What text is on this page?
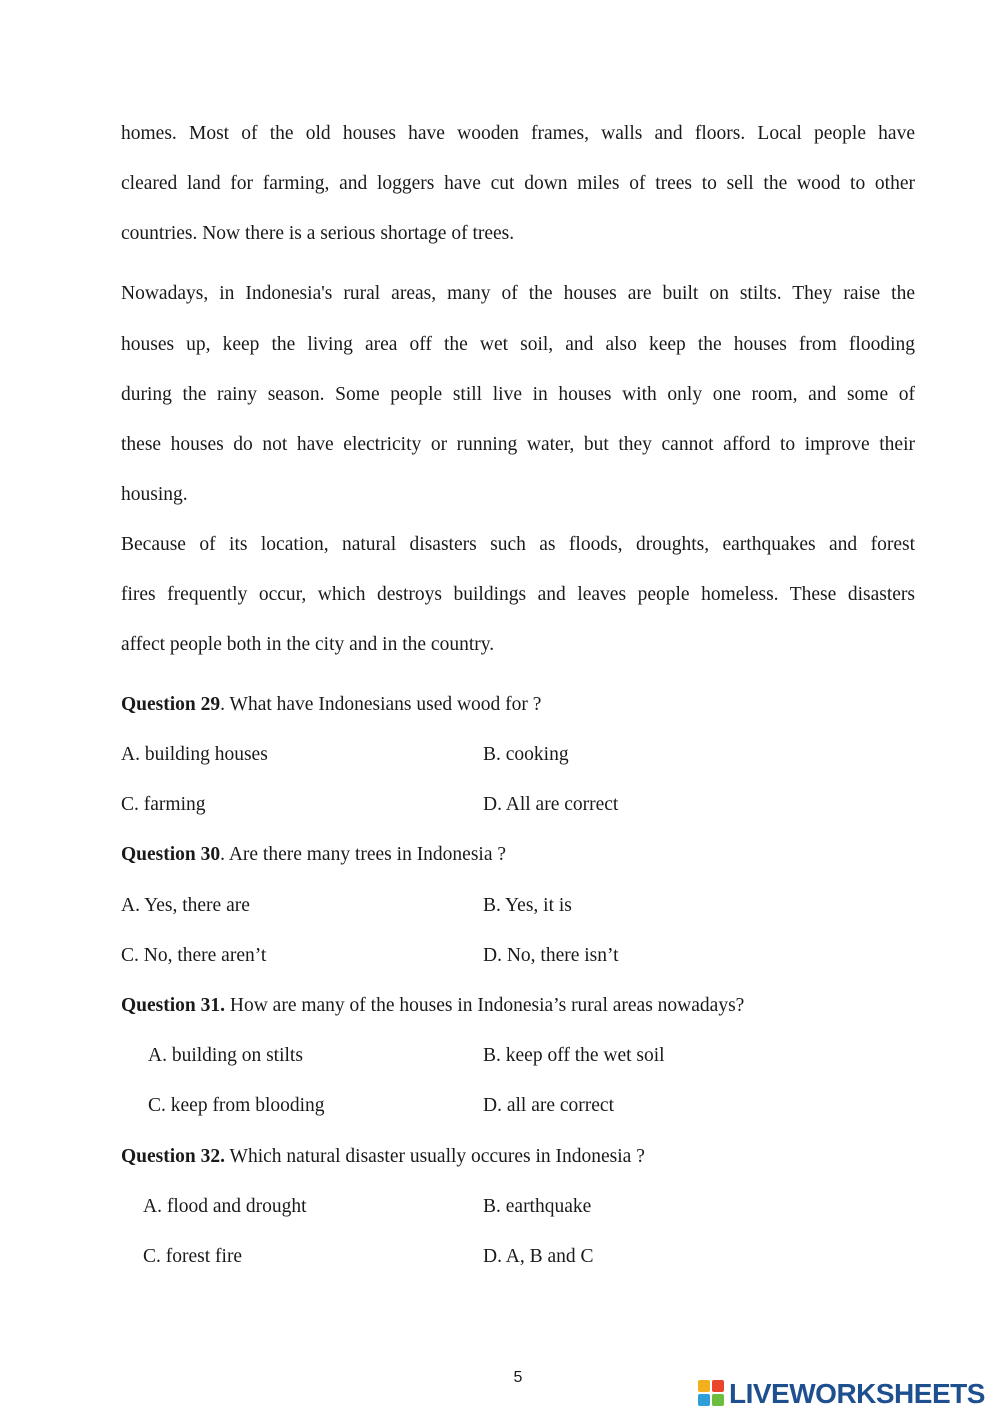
homes. Most of the old houses have wooden frames, walls and floors. Local people have
cleared land for farming, and loggers have cut down miles of trees to sell the wood to other
countries. Now there is a serious shortage of trees.
Nowadays, in Indonesia's rural areas, many of the houses are built on stilts. They raise the
houses up, keep the living area off the wet soil, and also keep the houses from flooding
during the rainy season. Some people still live in houses with only one room, and some of
these houses do not have electricity or running water, but they cannot afford to improve their
housing.
Because of its location, natural disasters such as floods, droughts, earthquakes and forest
fires frequently occur, which destroys buildings and leaves people homeless. These disasters
affect people both in the city and in the country.
Question 29. What have Indonesians used wood for ?
A. building houses	B. cooking
C. farming	D. All are correct
Question 30. Are there many trees in Indonesia ?
A. Yes, there are	B. Yes, it is
C. No, there aren’t	D. No, there isn’t
Question 31. How are many of the houses in Indonesia’s rural areas nowadays?
A. building on stilts	B. keep off the wet soil
C. keep from blooding	D. all are correct
Question 32. Which natural disaster usually occures in Indonesia ?
A. flood and drought	B. earthquake
C. forest fire	D. A, B and C
5
LIVEWORKSHEETS
